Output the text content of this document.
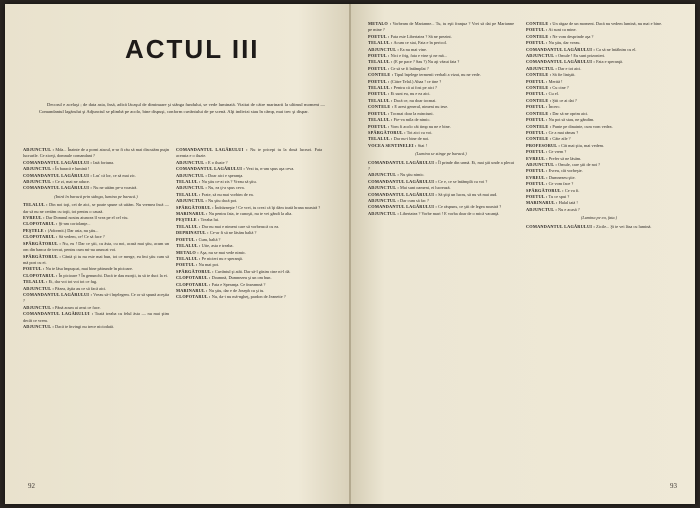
ACTUL III
Decorul e acelaşi ; de data asta, însă, adică lăcaşul de diminuare şi stânga fundului, se vede luminată. Vizitat de către marinarii la ultimul moment — Comandantul lagărului şi Adjunctul se plimbă pe acolo, bine dispuşi, conform cuvântului de pe scenă. Alţi indivizi stau în câmp, mai trec şi dispar.

ADJUNCTUL : Mda... Înainte de a porni atacul, n-ar fi rău să mai discutăm puţin lucrurile. Ce ziceţi, domnule comandant ?

COMANDANTUL LAGĂRULUI : Iată fortuna.

ADJUNCTUL : În baracă e lumină !

COMANDANTUL LAGĂRULUI : Las' că lor, ce să mai zic.

ADJUNCTUL : Ce zi, mai ne aduce.

COMANDANTUL LAGĂRULUI : Nu ne uităm pe-a voastră.

(Intră în baracă prin stânga, lumina pe baracă.)

TELALUL : Din noi toţi, cei de aici, se poate spune că uităm. Nu vremea încă — dar să nu ne certăm cu toţii, tot pentru o cauză.

EVREUL : Dar Domnul nostru atuncea îl vrea pe el cel viu.

CLOPOTARUL : Şi-am coriolanţe...

PEŞTELE : (Adormit.) Dar asta, nu ştiu...

CLOPOTARUL : Să vedem, ce! Ce să face ?

SPĂRGĂTORUL : Nu, eu ! Dar ce ştii, cu ăsta, cu noi, acasă mai ştiu, acum un om din banca de trecut, pentru cum mi-au aruncat voi.

SPĂRGĂTORUL : Cântă şi tu nu este mai bun, tot ce merge, eu îmi ştiu cum să mă port cu ei.

POETUL : Nu te lăsa împuşcat, mai bine pătrunde în picioare.

CLOPOTARUL : În picioare ? În genunchi. Dacă te dau morţii, tu să te duci la ei.

TELALUL : Ei, dar voi tot voi tot ce fug.

ADJUNCTUL : Păzea, ăştia au ce să facă aici.

COMANDANTUL LAGĂRULUI : Vreau să-i înţelegem. Ce or să spună aceştia ?

ADJUNCTUL : Până acum ai avut ce face.

COMANDANTUL LAGĂRULUI : Toată treaba cu felul ăsta — nu mai ştim decât ce vrem.

ADJUNCTUL : Dacă te învingi nu trece niciodată.

COMANDANTUL LAGĂRULUI : Nu te pricepi tu la două lucruri. Fata aceasta e o iluzie.

ADJUNCTUL : E o iluzie ?

COMANDANTUL LAGĂRULUI : Vezi tu, n-am spus aşa ceva.

ADJUNCTUL : Doar aici e speranţa.

TELALUL : Nu ştiu ce-ai zis ? Vreau să ştiu.

ADJUNCTUL : Nu, ea ţi-a spus ceva.

TELALUL : Frate, să nu mai vorbim de ea.

ADJUNCTUL : Nu ştiu dacă pot.

SPĂRGĂTORUL : Îndrăzneşte ! Ce vrei, tu crezi că îţi dăm toată hrana noastră ?

MARINARUL : Nu pentru fata, te cunoşti, nu te vei gândi la alta.

PEŞTELE : Treaba lui.

TELALUL : Dar nu mai e nimeni care să vorbească cu ea.

DEPRINATUL : Ce-ar fi să ne lăsăm baltă ?

POETUL : Cum, baltă ?

TELALUL : Uite, asta e treaba.

METALO : Aşa, nu se mai vede nimic.

TELALUL : Pe nicieri nu e speranţă.

POETUL : Nu mai pot.

SPĂRGĂTORUL : Cuvântul şi atât. Dar să-l găsim cine ni-l dă.

CLOPOTARUL : Doamnă, Dumnezeu şi un om bun.

CLOPOTARUL : Fata e Speranţa. Ce înseamnă ?

MARINARUL : Nu ştiu, dar e de Joseph cu şi tu.

CLOPOTARUL : Nu, da-i nu mă-ngheţ, pardon de Jeanette ?

92

METALO : Vorbeam de Marianne... Tu, tu eşti franţuz ? Vrei să dai pe Marianne pe mine ?

POETUL : Fata este Libertatea ? Să ne prezint.

TELALUL : Acum ce stai, Fata e în pericol.

ADJUNCTUL : Ea nu mai vine.

POETUL : Nici e frig, fata e vine şi ne mă...

TELALUL : (E pe pace ? Sau ?) Nu aţi văzut fata ?

POETUL : Ce să se fi întâmplat ?

CONTELE : Tipul înţelege termenii verbali a vizat, nu ne vede.

POETUL : (Către Telal.) Ahaa ! ce tine ?

TELALUL : Pentru că ai fost pe aici ?

POETUL : Ei sunt eu, nu e ea aici.

TELALUL : Dacă ce, nu doar tocmai.

CONTELE : E arest general, nimeni nu iese.

POETUL : Tocmai doar la minciuni.

TELALUL : Fie-va mila de nimic.

POETUL : Vom fi acolo cât timp nu ne e bine.

SPĂRGĂTORUL : Tot aici cu voi.

TELALUL : Dar nu-i bine de noi.

VOCEA SENTINELEI : Stai !

(Lumina se stinge pe baracă.)

COMANDANTUL LAGĂRULUI : Îl prinde din urmă. Ei, mai ştii unde a plecat ?

ADJUNCTUL : Nu ştiu nimic.

COMANDANTUL LAGĂRULUI : Ce e, ce se întâmplă cu voi ?

ADJUNCTUL : Mai sunt oameni, ei lucrează.

COMANDANTUL LAGĂRULUI : Să ştiţi un lucru, să nu vă mai aud.

ADJUNCTUL : Dar cum să fac ?

COMANDANTUL LAGĂRULUI : Ce răspuns, ce ştii de legea noastră ?

ADJUNCTUL : Libertatea ? Vorbe mari ! E vorba doar de o mică vacanţă.

CONTELE : Un răgaz de un moment. Dacă nu vedem lumină, nu mai e bine.

POETUL : Ai sunt ca mine.

CONTELE : Ne vom desprinde aşa ?

POETUL : Nu ştiu, dar vreau.

COMANDANTUL LAGĂRULUI : Ca să ne întâlnim cu el.

ADJUNCTUL : Omule ! Eu sunt prizonieri.

COMANDANTUL LAGĂRULUI : Fata e speranţă.

ADJUNCTUL : Dar e tot aici.

CONTELE : Să fie liniştit.

POETUL : Merită !

CONTELE : Cu cine ?

POETUL : Cu el.

CONTELE : Ştii ce ai dat ?

POETUL : Încerc.

CONTELE : Dar să ne oprim aici.

POETUL : Nu pot să stau, ne gândim.

CONTELE : Punte pe dinainte, cum vom vedea.

POETUL : Ce a mai rămas ?

CONTELE : Câte zile ?

PROFESORUL : Cât mai ştiu, mai vedem.

POETUL : Ce vrem ?

EVREUL : Prefer să ne lăsăm.

ADJUNCTUL : Omule, care ştii de noi ?

POETUL : Evreu, cât vorbeşte.

EVREUL : Dumnezeu ştie.

POETUL : Ce vom face ?

SPĂRGĂTORUL : Ce va fi.

POETUL : Tu ce spui ?

MARINARUL : Halal tată !

ADJUNCTUL : Nu e acasă ?

(Lumina pe ea, fata.)

COMANDANTUL LAGĂRULUI : Zicile... Şi te vei lăsa cu lumină.

93
